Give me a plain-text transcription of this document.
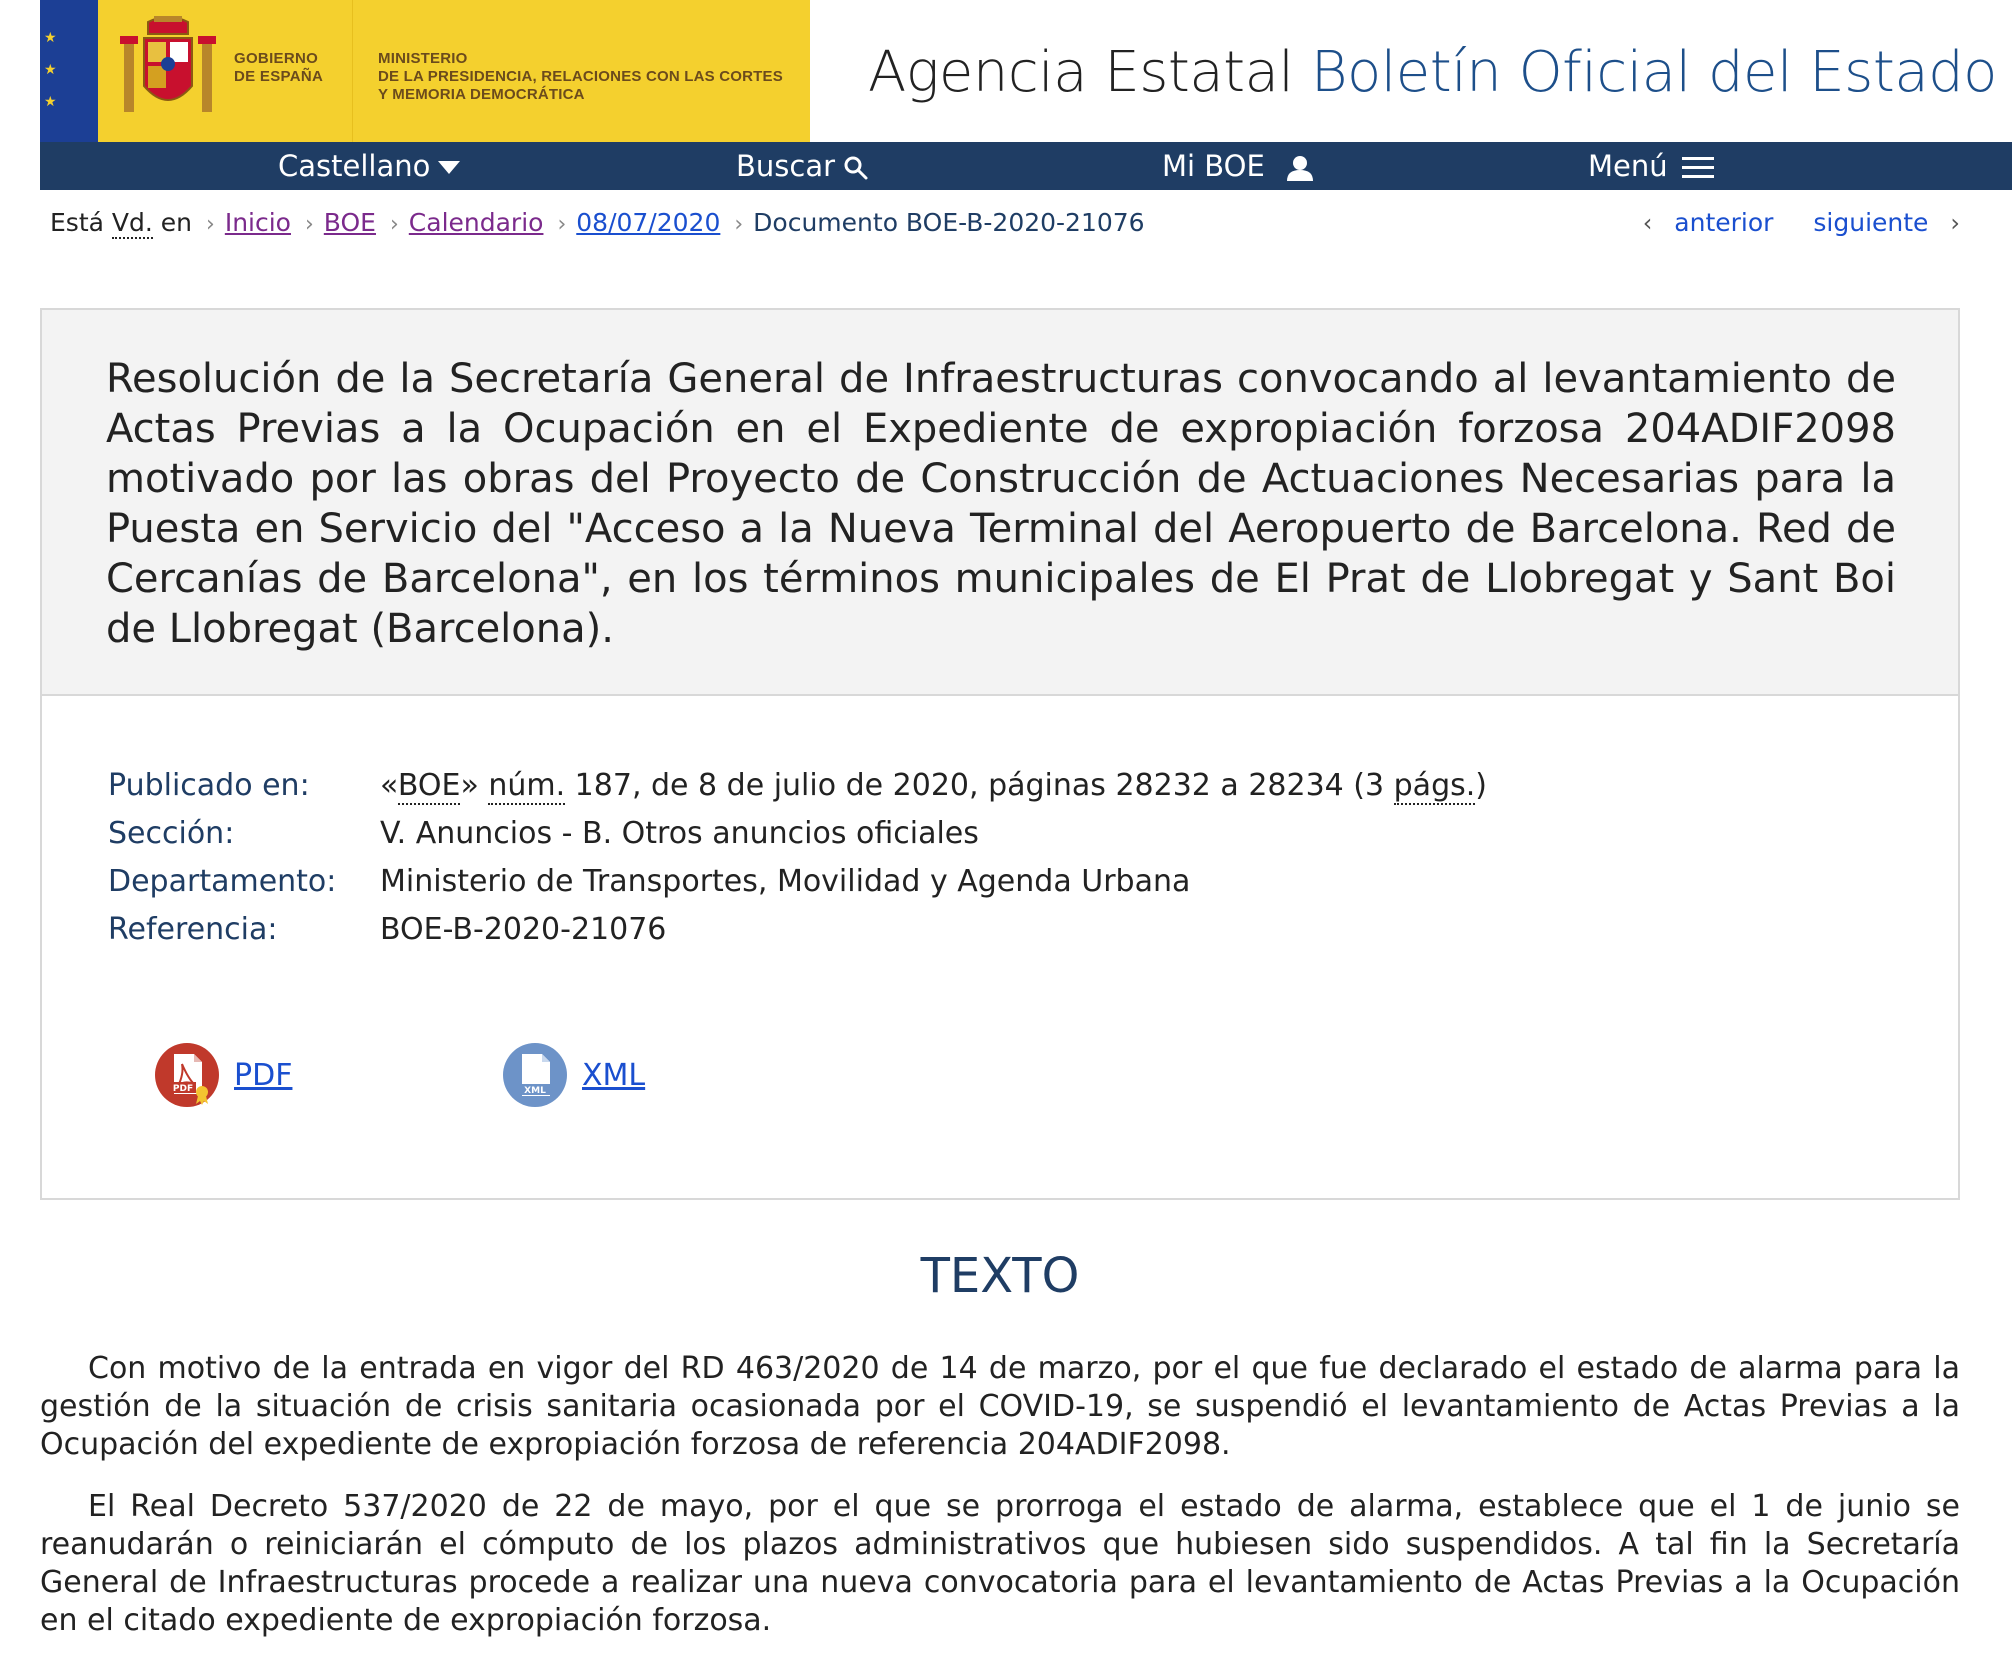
★
★
★
GOBIERNO
DE ESPAÑA
MINISTERIO
DE LA PRESIDENCIA, RELACIONES CON LAS CORTES
Y MEMORIA DEMOCRÁTICA	Agencia Estatal Boletín Oficial del Estado
Castellano	Buscar	Mi BOE	Menú
Está Vd. en › Inicio › BOE › Calendario › 08/07/2020 › Documento BOE-B-2020-21076	‹ anterior siguiente ›
Resolución de la Secretaría General de Infraestructuras convocando al levantamiento de Actas Previas a la Ocupación en el Expediente de expropiación forzosa 204ADIF2098 motivado por las obras del Proyecto de Construcción de Actuaciones Necesarias para la Puesta en Servicio del "Acceso a la Nueva Terminal del Aeropuerto de Barcelona. Red de Cercanías de Barcelona", en los términos municipales de El Prat de Llobregat y Sant Boi de Llobregat (Barcelona).
Publicado en: «BOE» núm. 187, de 8 de julio de 2020, páginas 28232 a 28234 (3 págs.)
Sección:	V. Anuncios - B. Otros anuncios oficiales
Departamento: Ministerio de Transportes, Movilidad y Agenda Urbana
Referencia:	BOE-B-2020-21076
PDF PDF	XML XML
TEXTO

Con motivo de la entrada en vigor del RD 463/2020 de 14 de marzo, por el que fue declarado el estado de alarma para la gestión de la situación de crisis sanitaria ocasionada por el COVID-19, se suspendió el levantamiento de Actas Previas a la Ocupación del expediente de expropiación forzosa de referencia 204ADIF2098.

El Real Decreto 537/2020 de 22 de mayo, por el que se prorroga el estado de alarma, establece que el 1 de junio se reanudarán o reiniciarán el cómputo de los plazos administrativos que hubiesen sido suspendidos. A tal fin la Secretaría General de Infraestructuras procede a realizar una nueva convocatoria para el levantamiento de Actas Previas a la Ocupación en el citado expediente de expropiación forzosa.
